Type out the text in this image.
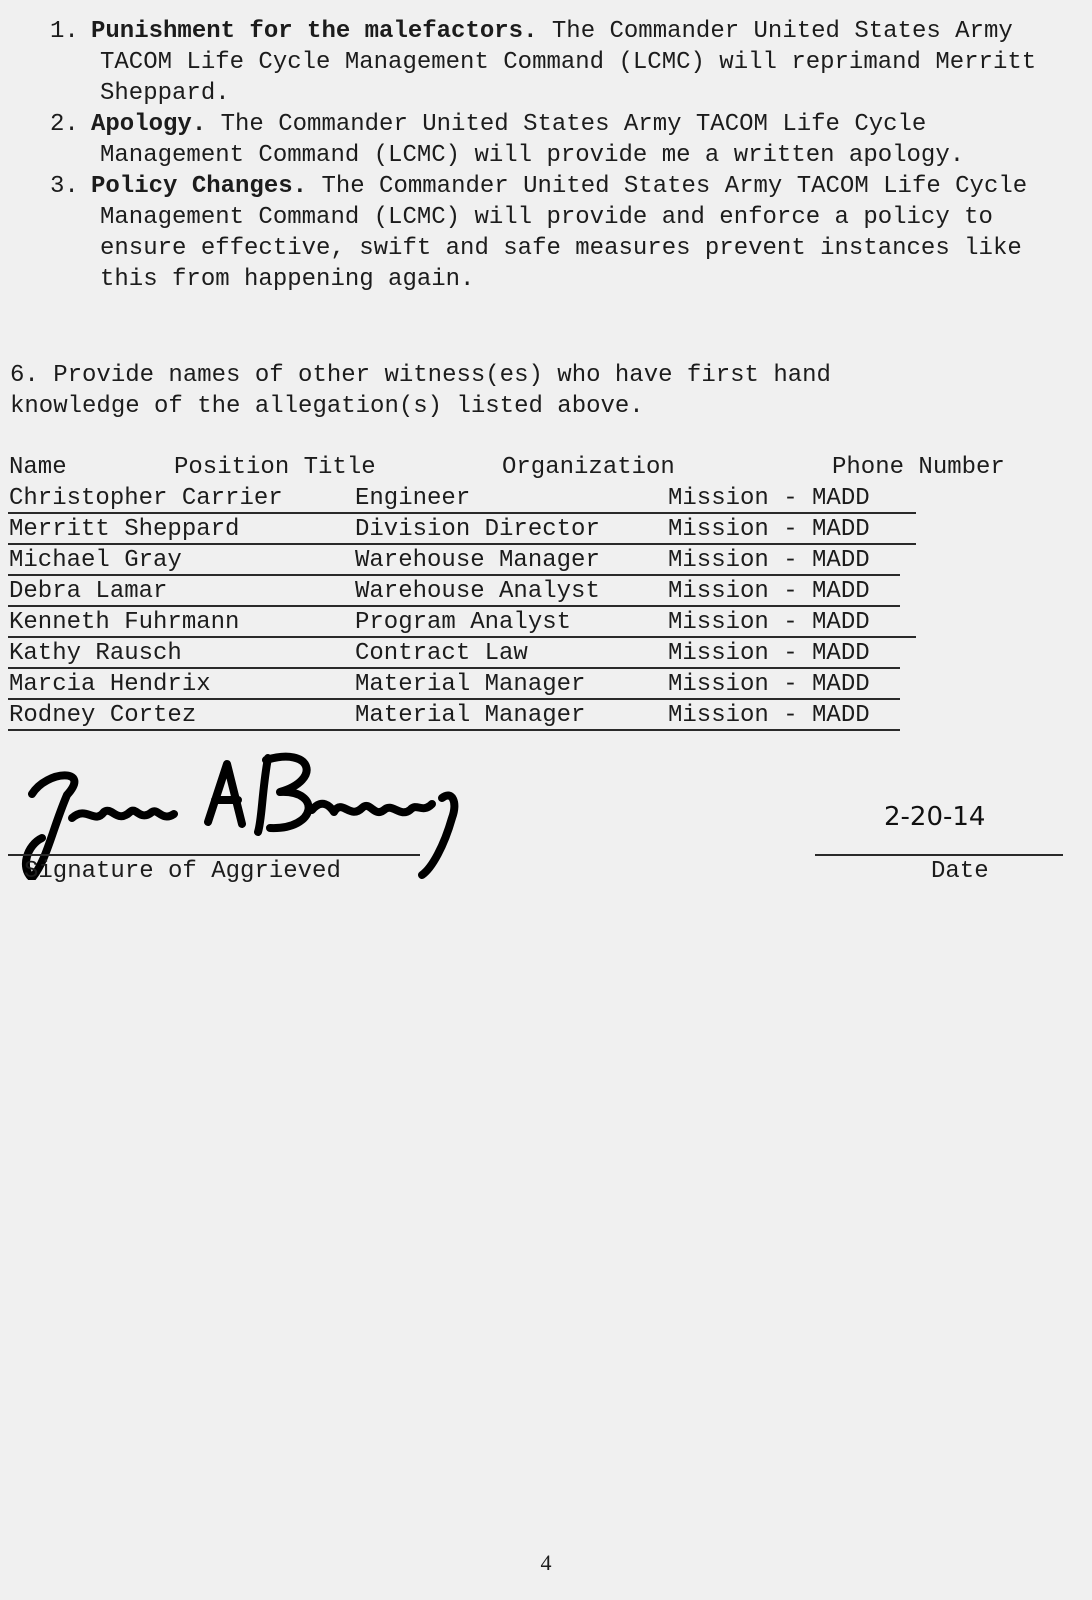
1. Punishment for the malefactors. The Commander United States Army TACOM Life Cycle Management Command (LCMC) will reprimand Merritt Sheppard.
2. Apology. The Commander United States Army TACOM Life Cycle Management Command (LCMC) will provide me a written apology.
3. Policy Changes. The Commander United States Army TACOM Life Cycle Management Command (LCMC) will provide and enforce a policy to ensure effective, swift and safe measures prevent instances like this from happening again.
6. Provide names of other witness(es) who have first hand
knowledge of the allegation(s) listed above.
Name	Position Title	Organization	Phone Number
Christopher Carrier	Engineer	Mission - MADD
Merritt Sheppard	Division Director	Mission - MADD
Michael Gray	Warehouse Manager	Mission - MADD
Debra Lamar	Warehouse Analyst	Mission - MADD
Kenneth Fuhrmann	Program Analyst	Mission - MADD
Kathy Rausch	Contract Law	Mission - MADD
Marcia Hendrix	Material Manager	Mission - MADD
Rodney Cortez	Material Manager	Mission - MADD
Signature of Aggrieved
2-20-14
Date
4
